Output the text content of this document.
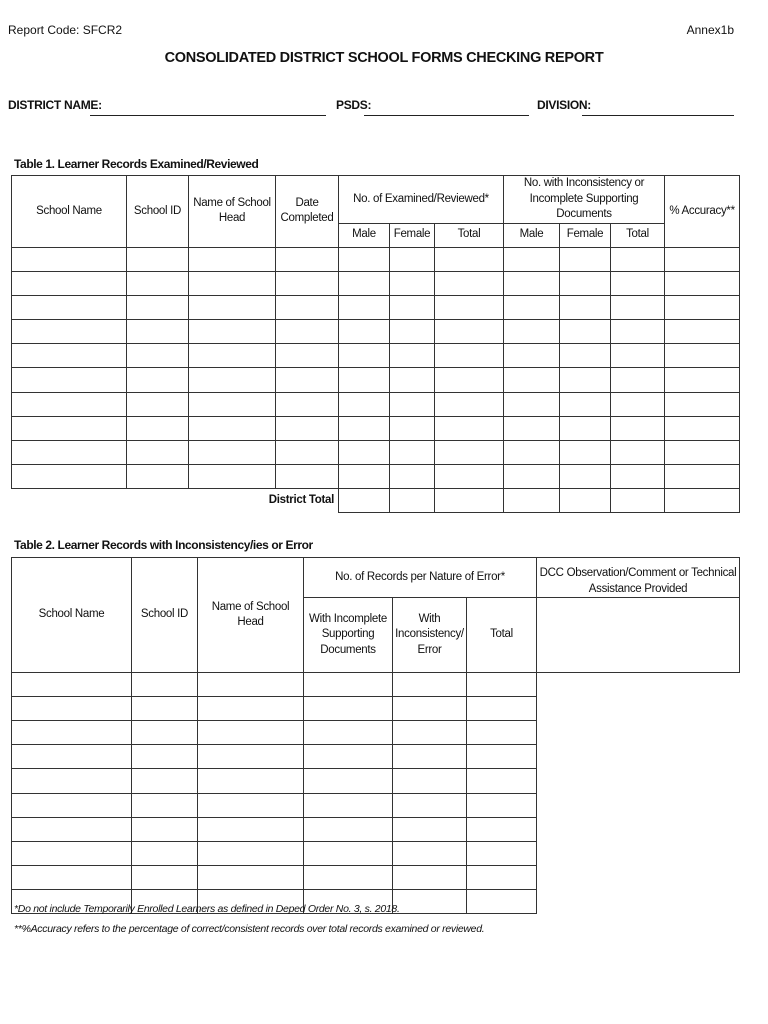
Report Code: SFCR2	Annex1b
CONSOLIDATED DISTRICT SCHOOL FORMS CHECKING REPORT
DISTRICT NAME:	PSDS:	DIVISION:
Table 1. Learner Records Examined/Reviewed
School Name	School ID	Name of School Head	Date Completed	No. of Examined/Reviewed*			No. with Inconsistency or Incomplete Supporting Documents			% Accuracy**
				Male	Female	Total	Male	Female	Total	

District Total										
Table 2. Learner Records with Inconsistency/ies or Error
School Name	School ID	Name of School Head	No. of Records per Nature of Error*			DCC Observation/Comment or Technical Assistance Provided
			With Incomplete Supporting Documents	With Inconsistency/ Error	Total	

*Do not include Temporarily Enrolled Learners as defined in Deped Order No. 3, s. 2018.
**%Accuracy refers to the percentage of correct/consistent records over total records examined or reviewed.
